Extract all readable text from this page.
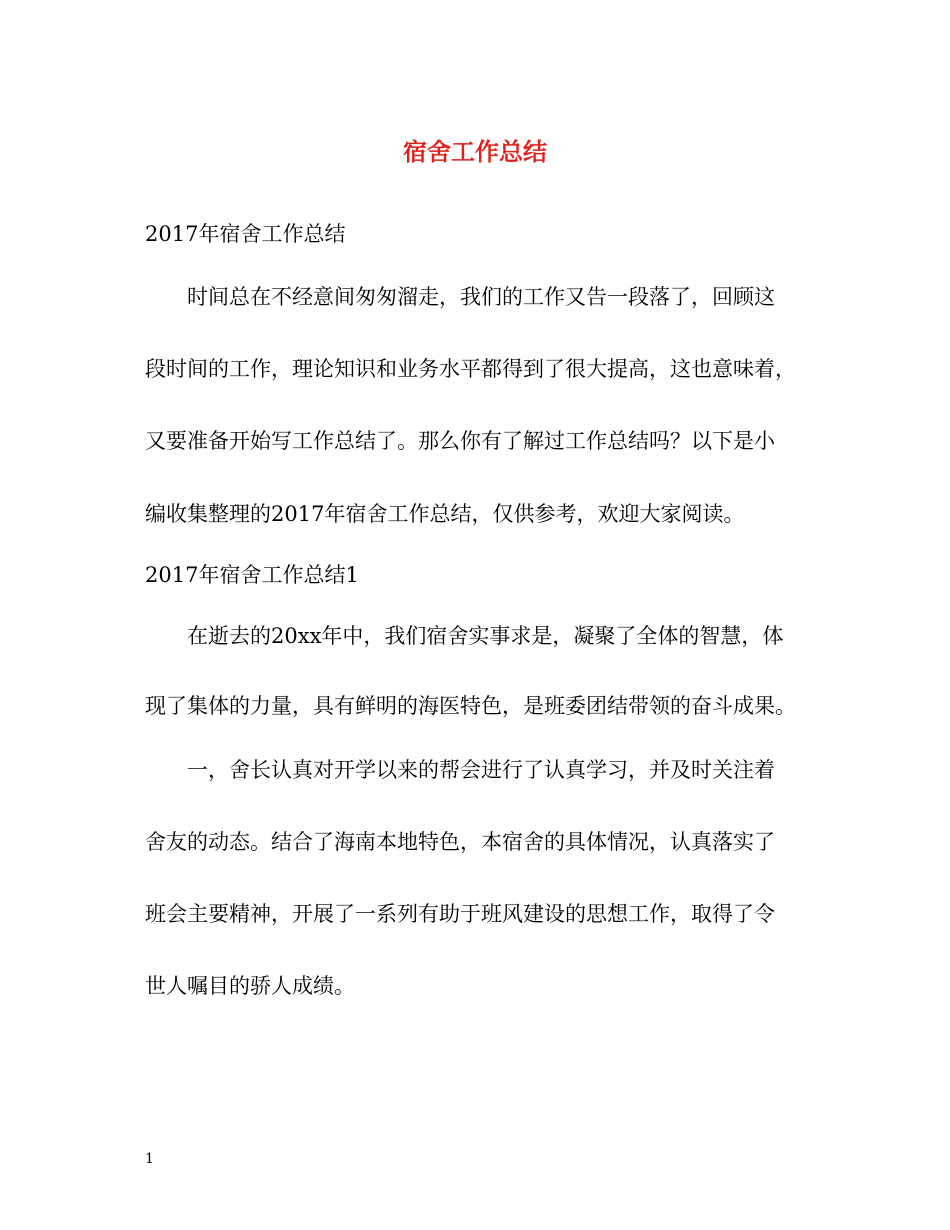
宿舍工作总结
2017年宿舍工作总结
时间总在不经意间匆匆溜走，我们的工作又告一段落了，回顾这
段时间的工作，理论知识和业务水平都得到了很大提高，这也意味着，
又要准备开始写工作总结了。那么你有了解过工作总结吗？以下是小
编收集整理的2017年宿舍工作总结，仅供参考，欢迎大家阅读。
2017年宿舍工作总结1
在逝去的20xx年中，我们宿舍实事求是，凝聚了全体的智慧，体
现了集体的力量，具有鲜明的海医特色，是班委团结带领的奋斗成果。
一，舍长认真对开学以来的帮会进行了认真学习，并及时关注着
舍友的动态。结合了海南本地特色，本宿舍的具体情况，认真落实了
班会主要精神，开展了一系列有助于班风建设的思想工作，取得了令
世人嘱目的骄人成绩。
1
